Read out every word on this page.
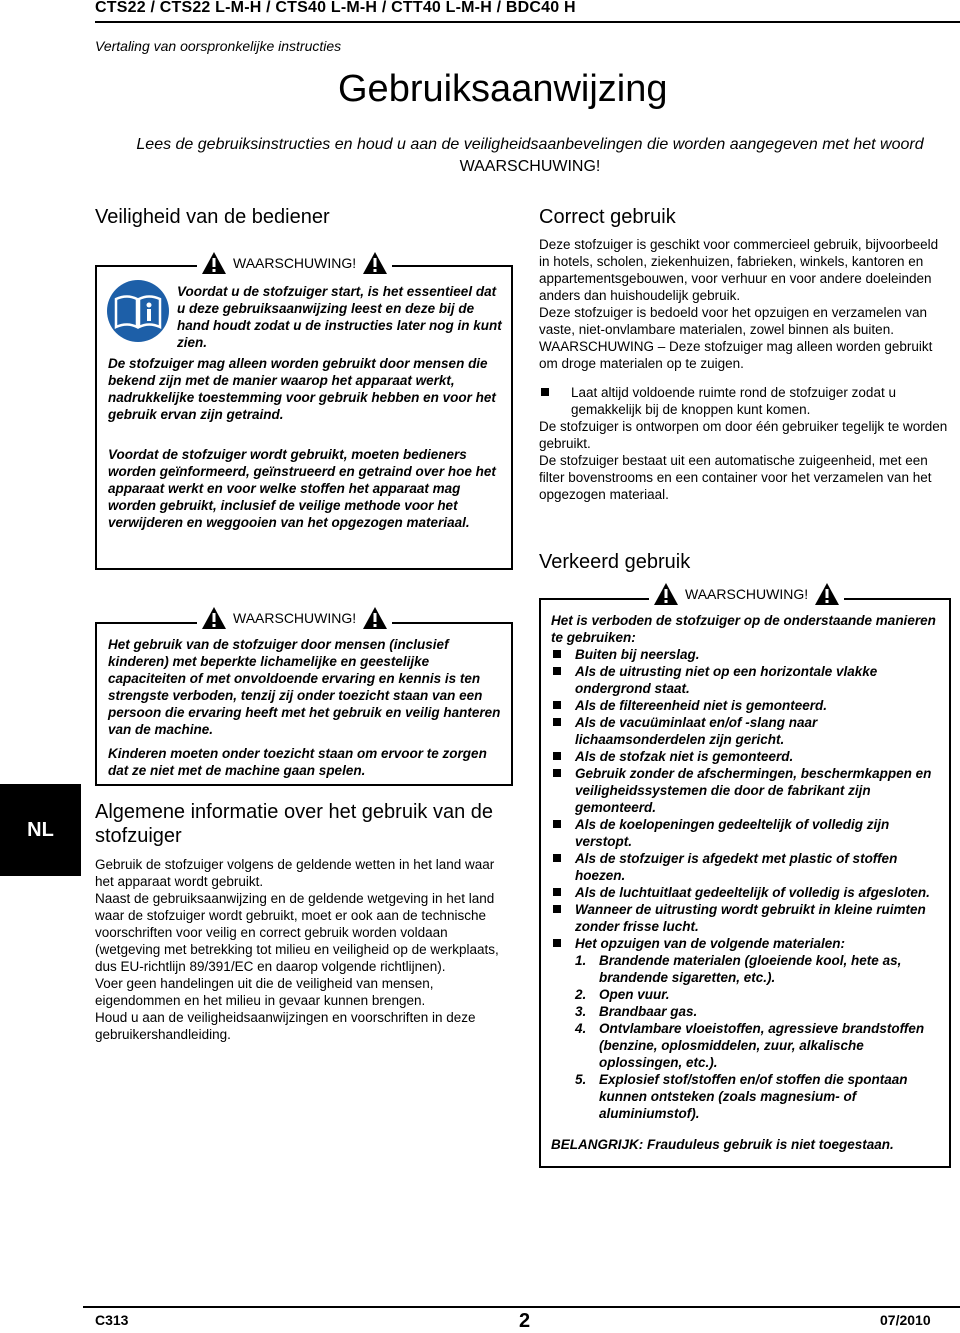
CTS22 / CTS22 L-M-H / CTS40 L-M-H / CTT40 L-M-H / BDC40 H
Vertaling van oorspronkelijke instructies
Gebruiksaanwijzing
Lees de gebruiksinstructies en houd u aan de veiligheidsaanbevelingen die worden aangegeven met het woord WAARSCHUWING!
Veiligheid van de bediener
WAARSCHUWING!
Voordat u de stofzuiger start, is het essentieel dat u deze gebruiksaanwijzing leest en deze bij de hand houdt zodat u de instructies later nog in kunt zien.
De stofzuiger mag alleen worden gebruikt door mensen die bekend zijn met de manier waarop het apparaat werkt, nadrukkelijke toestemming voor gebruik hebben en voor het gebruik ervan zijn getraind.
Voordat de stofzuiger wordt gebruikt, moeten bedieners worden geïnformeerd, geïnstrueerd en getraind over hoe het apparaat werkt en voor welke stoffen het apparaat mag worden gebruikt, inclusief de veilige methode voor het verwijderen en weggooien van het opgezogen materiaal.
WAARSCHUWING!
Het gebruik van de stofzuiger door mensen (inclusief kinderen) met beperkte lichamelijke en geestelijke capaciteiten of met onvoldoende ervaring en kennis is ten strengste verboden, tenzij zij onder toezicht staan van een persoon die ervaring heeft met het gebruik en veilig hanteren van de machine.
Kinderen moeten onder toezicht staan om ervoor te zorgen dat ze niet met de machine gaan spelen.
Algemene informatie over het gebruik van de stofzuiger

Gebruik de stofzuiger volgens de geldende wetten in het land waar het apparaat wordt gebruikt.

Naast de gebruiksaanwijzing en de geldende wetgeving in het land waar de stofzuiger wordt gebruikt, moet er ook aan de technische voorschriften voor veilig en correct gebruik worden voldaan (wetgeving met betrekking tot milieu en veiligheid op de werkplaats, dus EU-richtlijn 89/391/EC en daarop volgende richtlijnen).

Voer geen handelingen uit die de veiligheid van mensen, eigendommen en het milieu in gevaar kunnen brengen.

Houd u aan de veiligheidsaanwijzingen en voorschriften in deze gebruikershandleiding.

NL
Correct gebruik

Deze stofzuiger is geschikt voor commercieel gebruik, bijvoorbeeld in hotels, scholen, ziekenhuizen, fabrieken, winkels, kantoren en appartementsgebouwen, voor verhuur en voor andere doeleinden anders dan huishoudelijk gebruik.

Deze stofzuiger is bedoeld voor het opzuigen en verzamelen van vaste, niet-onvlambare materialen, zowel binnen als buiten.

WAARSCHUWING – Deze stofzuiger mag alleen worden gebruikt om droge materialen op te zuigen.

Laat altijd voldoende ruimte rond de stofzuiger zodat u gemakkelijk bij de knoppen kunt komen.

De stofzuiger is ontworpen om door één gebruiker tegelijk te worden gebruikt.

De stofzuiger bestaat uit een automatische zuigeenheid, met een filter bovenstrooms en een container voor het verzamelen van het opgezogen materiaal.

Verkeerd gebruik
WAARSCHUWING!
Het is verboden de stofzuiger op de onderstaande manieren te gebruiken:
Buiten bij neerslag.
Als de uitrusting niet op een horizontale vlakke ondergrond staat.
Als de filtereenheid niet is gemonteerd.
Als de vacuüminlaat en/of -slang naar lichaamsonderdelen zijn gericht.
Als de stofzak niet is gemonteerd.
Gebruik zonder de afschermingen, beschermkappen en veiligheidssystemen die door de fabrikant zijn gemonteerd.
Als de koelopeningen gedeeltelijk of volledig zijn verstopt.
Als de stofzuiger is afgedekt met plastic of stoffen hoezen.
Als de luchtuitlaat gedeeltelijk of volledig is afgesloten.
Wanneer de uitrusting wordt gebruikt in kleine ruimten zonder frisse lucht.
Het opzuigen van de volgende materialen:
1. Brandende materialen (gloeiende kool, hete as, brandende sigaretten, etc.).
2. Open vuur.
3. Brandbaar gas.
4. Ontvlambare vloeistoffen, agressieve brandstoffen (benzine, oplosmiddelen, zuur, alkalische oplossingen, etc.).
5. Explosief stof/stoffen en/of stoffen die spontaan kunnen ontsteken (zoals magnesium- of aluminiumstof).
BELANGRIJK: Frauduleus gebruik is niet toegestaan.
C313	2	07/2010
